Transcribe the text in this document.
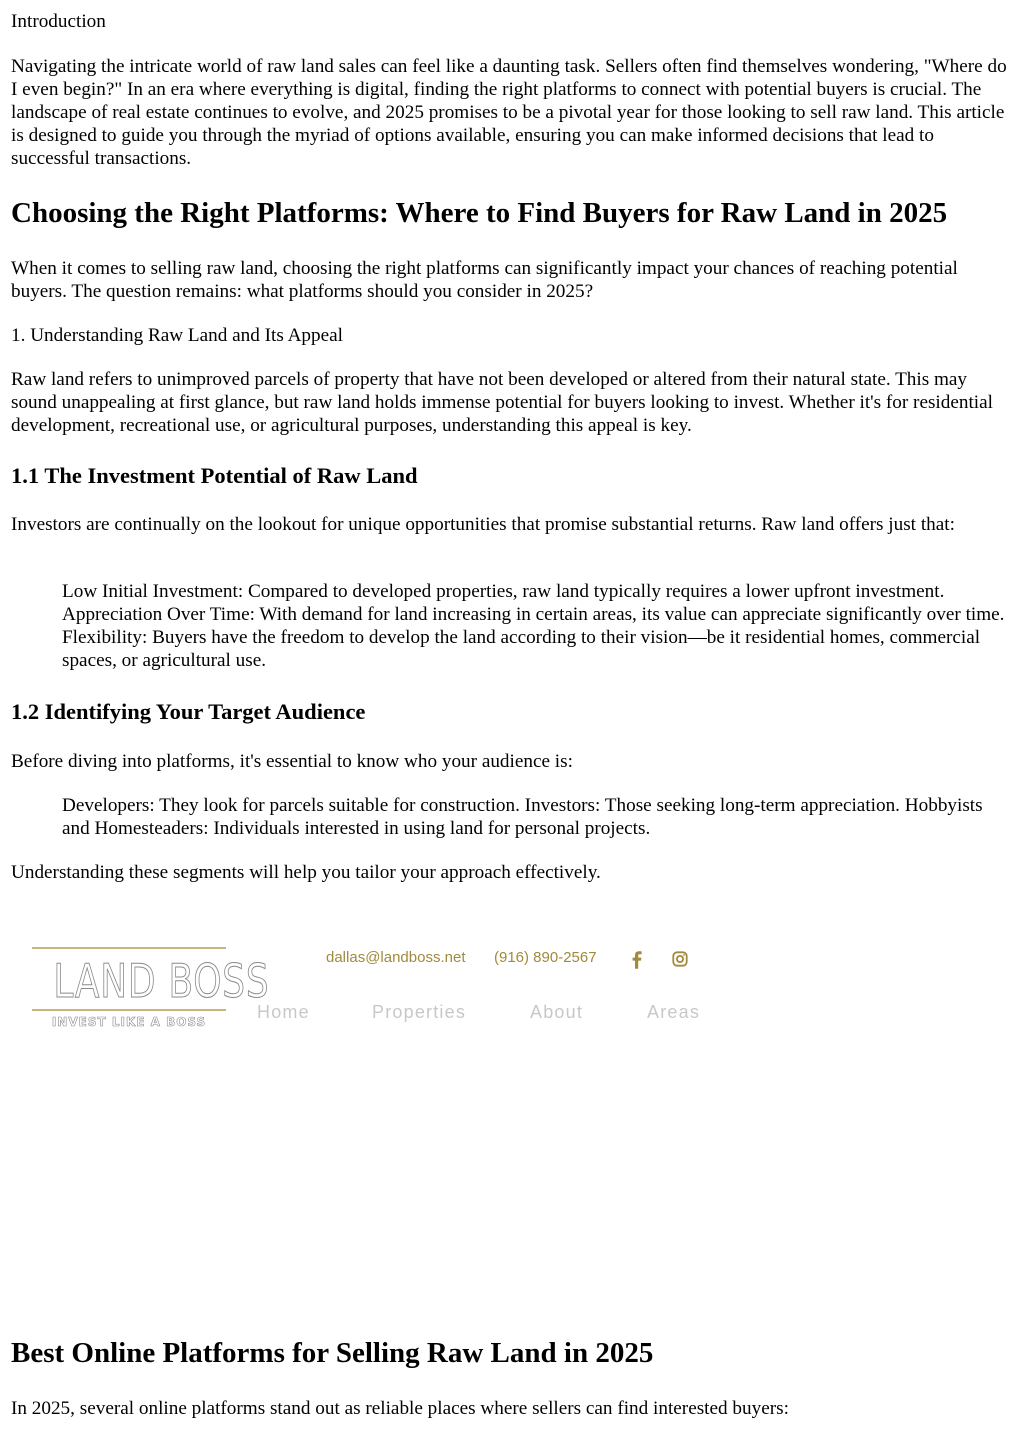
Introduction

Navigating the intricate world of raw land sales can feel like a daunting task. Sellers often find themselves wondering, "Where do I even begin?" In an era where everything is digital, finding the right platforms to connect with potential buyers is crucial. The landscape of real estate continues to evolve, and 2025 promises to be a pivotal year for those looking to sell raw land. This article is designed to guide you through the myriad of options available, ensuring you can make informed decisions that lead to successful transactions.

Choosing the Right Platforms: Where to Find Buyers for Raw Land in 2025

When it comes to selling raw land, choosing the right platforms can significantly impact your chances of reaching potential buyers. The question remains: what platforms should you consider in 2025?

1. Understanding Raw Land and Its Appeal

Raw land refers to unimproved parcels of property that have not been developed or altered from their natural state. This may sound unappealing at first glance, but raw land holds immense potential for buyers looking to invest. Whether it's for residential development, recreational use, or agricultural purposes, understanding this appeal is key.

1.1 The Investment Potential of Raw Land

Investors are continually on the lookout for unique opportunities that promise substantial returns. Raw land offers just that:

Low Initial Investment: Compared to developed properties, raw land typically requires a lower upfront investment. Appreciation Over Time: With demand for land increasing in certain areas, its value can appreciate significantly over time. Flexibility: Buyers have the freedom to develop the land according to their vision—be it residential homes, commercial spaces, or agricultural use.

1.2 Identifying Your Target Audience

Before diving into platforms, it's essential to know who your audience is:

Developers: They look for parcels suitable for construction. Investors: Those seeking long-term appreciation. Hobbyists and Homesteaders: Individuals interested in using land for personal projects.

Understanding these segments will help you tailor your approach effectively.

LAND BOSS
INVEST LIKE A BOSS
dallas@landboss.net (916) 890-2567
Home	Properties	About	Areas
Best Online Platforms for Selling Raw Land in 2025

In 2025, several online platforms stand out as reliable places where sellers can find interested buyers:
